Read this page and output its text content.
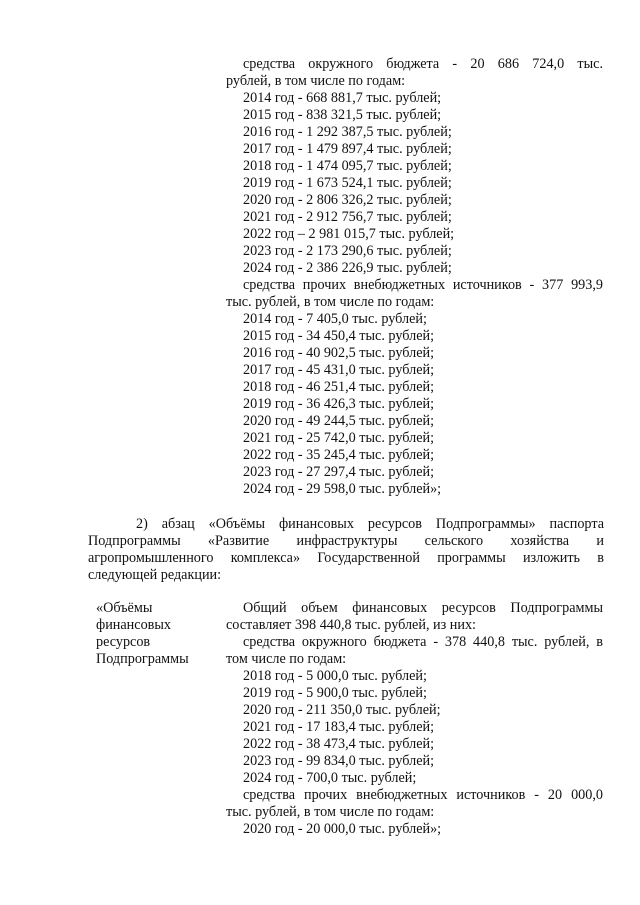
средства окружного бюджета - 20 686 724,0 тыс.
рублей, в том числе по годам:
2014 год - 668 881,7 тыс. рублей;
2015 год - 838 321,5 тыс. рублей;
2016 год - 1 292 387,5 тыс. рублей;
2017 год - 1 479 897,4 тыс. рублей;
2018 год - 1 474 095,7 тыс. рублей;
2019 год - 1 673 524,1 тыс. рублей;
2020 год - 2 806 326,2 тыс. рублей;
2021 год - 2 912 756,7 тыс. рублей;
2022 год – 2 981 015,7 тыс. рублей;
2023 год - 2 173 290,6 тыс. рублей;
2024 год - 2 386 226,9 тыс. рублей;
средства прочих внебюджетных источников - 377 993,9
тыс. рублей, в том числе по годам:
2014 год - 7 405,0 тыс. рублей;
2015 год - 34 450,4 тыс. рублей;
2016 год - 40 902,5 тыс. рублей;
2017 год - 45 431,0 тыс. рублей;
2018 год - 46 251,4 тыс. рублей;
2019 год - 36 426,3 тыс. рублей;
2020 год - 49 244,5 тыс. рублей;
2021 год - 25 742,0 тыс. рублей;
2022 год - 35 245,4 тыс. рублей;
2023 год - 27 297,4 тыс. рублей;
2024 год - 29 598,0 тыс. рублей»;
2) абзац «Объёмы финансовых ресурсов Подпрограммы» паспорта
Подпрограммы «Развитие инфраструктуры сельского хозяйства и
агропромышленного комплекса» Государственной программы изложить в
следующей редакции:
«Объёмы
финансовых
ресурсов
Подпрограммы
Общий объем финансовых ресурсов Подпрограммы
составляет 398 440,8 тыс. рублей, из них:
средства окружного бюджета - 378 440,8 тыс. рублей, в
том числе по годам:
2018 год - 5 000,0 тыс. рублей;
2019 год - 5 900,0 тыс. рублей;
2020 год - 211 350,0 тыс. рублей;
2021 год - 17 183,4 тыс. рублей;
2022 год - 38 473,4 тыс. рублей;
2023 год - 99 834,0 тыс. рублей;
2024 год - 700,0 тыс. рублей;
средства прочих внебюджетных источников - 20 000,0
тыс. рублей, в том числе по годам:
2020 год - 20 000,0 тыс. рублей»;
